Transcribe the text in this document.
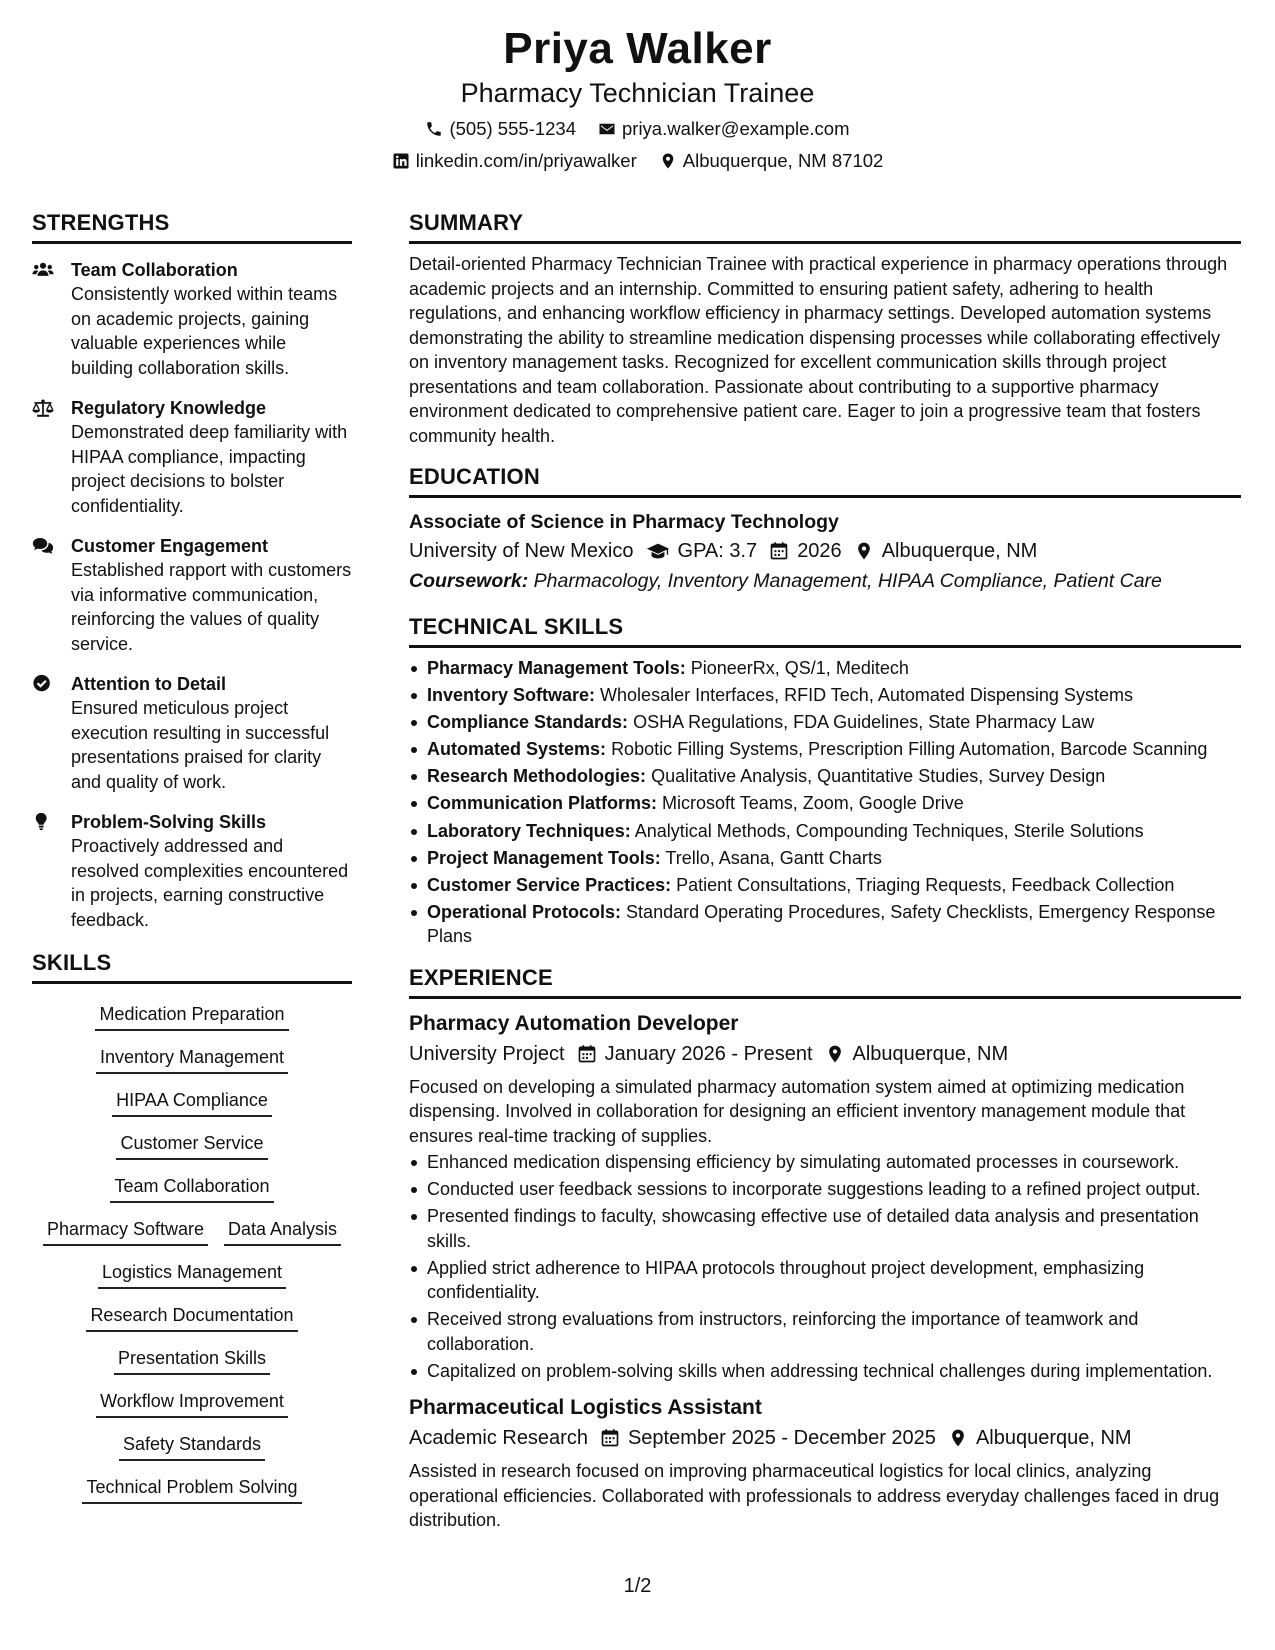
Priya Walker
Pharmacy Technician Trainee
(505) 555-1234 priya.walker@example.com
linkedin.com/in/priyawalker Albuquerque, NM 87102
STRENGTHS
Team Collaboration
Consistently worked within teams on academic projects, gaining valuable experiences while building collaboration skills.
Regulatory Knowledge
Demonstrated deep familiarity with HIPAA compliance, impacting project decisions to bolster confidentiality.
Customer Engagement
Established rapport with customers via informative communication, reinforcing the values of quality service.
Attention to Detail
Ensured meticulous project execution resulting in successful presentations praised for clarity and quality of work.
Problem-Solving Skills
Proactively addressed and resolved complexities encountered in projects, earning constructive feedback.
SKILLS
Medication Preparation
Inventory Management
HIPAA Compliance
Customer Service
Team Collaboration
Pharmacy Software Data Analysis
Logistics Management
Research Documentation
Presentation Skills
Workflow Improvement
Safety Standards
Technical Problem Solving
SUMMARY
Detail-oriented Pharmacy Technician Trainee with practical experience in pharmacy operations through academic projects and an internship. Committed to ensuring patient safety, adhering to health regulations, and enhancing workflow efficiency in pharmacy settings. Developed automation systems demonstrating the ability to streamline medication dispensing processes while collaborating effectively on inventory management tasks. Recognized for excellent communication skills through project presentations and team collaboration. Passionate about contributing to a supportive pharmacy environment dedicated to comprehensive patient care. Eager to join a progressive team that fosters community health.
EDUCATION
Associate of Science in Pharmacy Technology
University of New Mexico GPA: 3.7 2026 Albuquerque, NM
Coursework: Pharmacology, Inventory Management, HIPAA Compliance, Patient Care
TECHNICAL SKILLS
Pharmacy Management Tools: PioneerRx, QS/1, Meditech
Inventory Software: Wholesaler Interfaces, RFID Tech, Automated Dispensing Systems
Compliance Standards: OSHA Regulations, FDA Guidelines, State Pharmacy Law
Automated Systems: Robotic Filling Systems, Prescription Filling Automation, Barcode Scanning
Research Methodologies: Qualitative Analysis, Quantitative Studies, Survey Design
Communication Platforms: Microsoft Teams, Zoom, Google Drive
Laboratory Techniques: Analytical Methods, Compounding Techniques, Sterile Solutions
Project Management Tools: Trello, Asana, Gantt Charts
Customer Service Practices: Patient Consultations, Triaging Requests, Feedback Collection
Operational Protocols: Standard Operating Procedures, Safety Checklists, Emergency Response Plans
EXPERIENCE
Pharmacy Automation Developer
University Project January 2026 - Present Albuquerque, NM
Focused on developing a simulated pharmacy automation system aimed at optimizing medication dispensing. Involved in collaboration for designing an efficient inventory management module that ensures real-time tracking of supplies.
Enhanced medication dispensing efficiency by simulating automated processes in coursework.
Conducted user feedback sessions to incorporate suggestions leading to a refined project output.
Presented findings to faculty, showcasing effective use of detailed data analysis and presentation skills.
Applied strict adherence to HIPAA protocols throughout project development, emphasizing confidentiality.
Received strong evaluations from instructors, reinforcing the importance of teamwork and collaboration.
Capitalized on problem-solving skills when addressing technical challenges during implementation.
Pharmaceutical Logistics Assistant
Academic Research September 2025 - December 2025 Albuquerque, NM
Assisted in research focused on improving pharmaceutical logistics for local clinics, analyzing operational efficiencies. Collaborated with professionals to address everyday challenges faced in drug distribution.
1/2
